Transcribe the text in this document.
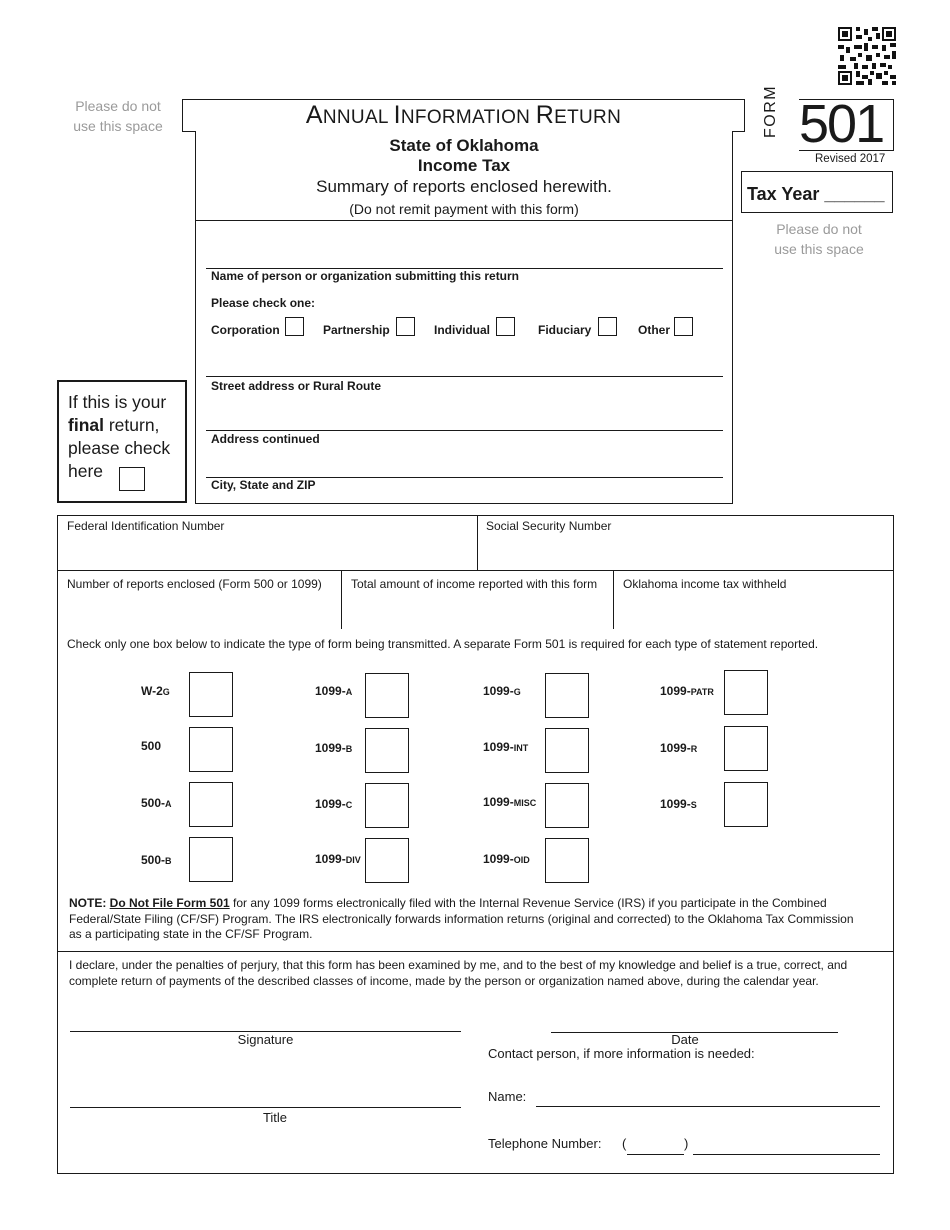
Please do not
use this space	ANNUAL INFORMATION RETURN
State of Oklahoma
Income Tax
Summary of reports enclosed herewith.
(Do not remit payment with this form)
FORM 501
Revised 2017
Tax Year ______
Please do not
use this space
Name of person or organization submitting this return
Please check one:
Corporation	Partnership	Individual	Fiduciary	Other
Street address or Rural Route
Address continued
City, State and ZIP
If this is your
final return,
please check
here
Federal Identification Number	Social Security Number
Number of reports enclosed (Form 500 or 1099) Total amount of income reported with this form Oklahoma income tax withheld
Check only one box below to indicate the type of form being transmitted. A separate Form 501 is required for each type of statement reported.
W-2G
500
500-A
500-B
1099-A
1099-B
1099-C
1099-DIV
1099-G
1099-INT
1099-MISC
1099-OID
1099-PATR
1099-R
1099-S
NOTE: Do Not File Form 501 for any 1099 forms electronically filed with the Internal Revenue Service (IRS) if you participate in the Combined
Federal/State Filing (CF/SF) Program. The IRS electronically forwards information returns (original and corrected) to the Oklahoma Tax Commission
as a participating state in the CF/SF Program.
I declare, under the penalties of perjury, that this form has been examined by me, and to the best of my knowledge and belief is a true, correct, and
complete return of payments of the described classes of income, made by the person or organization named above, during the calendar year.
Signature	Date
Contact person, if more information is needed:
Title
Name:
Telephone Number: (	)
